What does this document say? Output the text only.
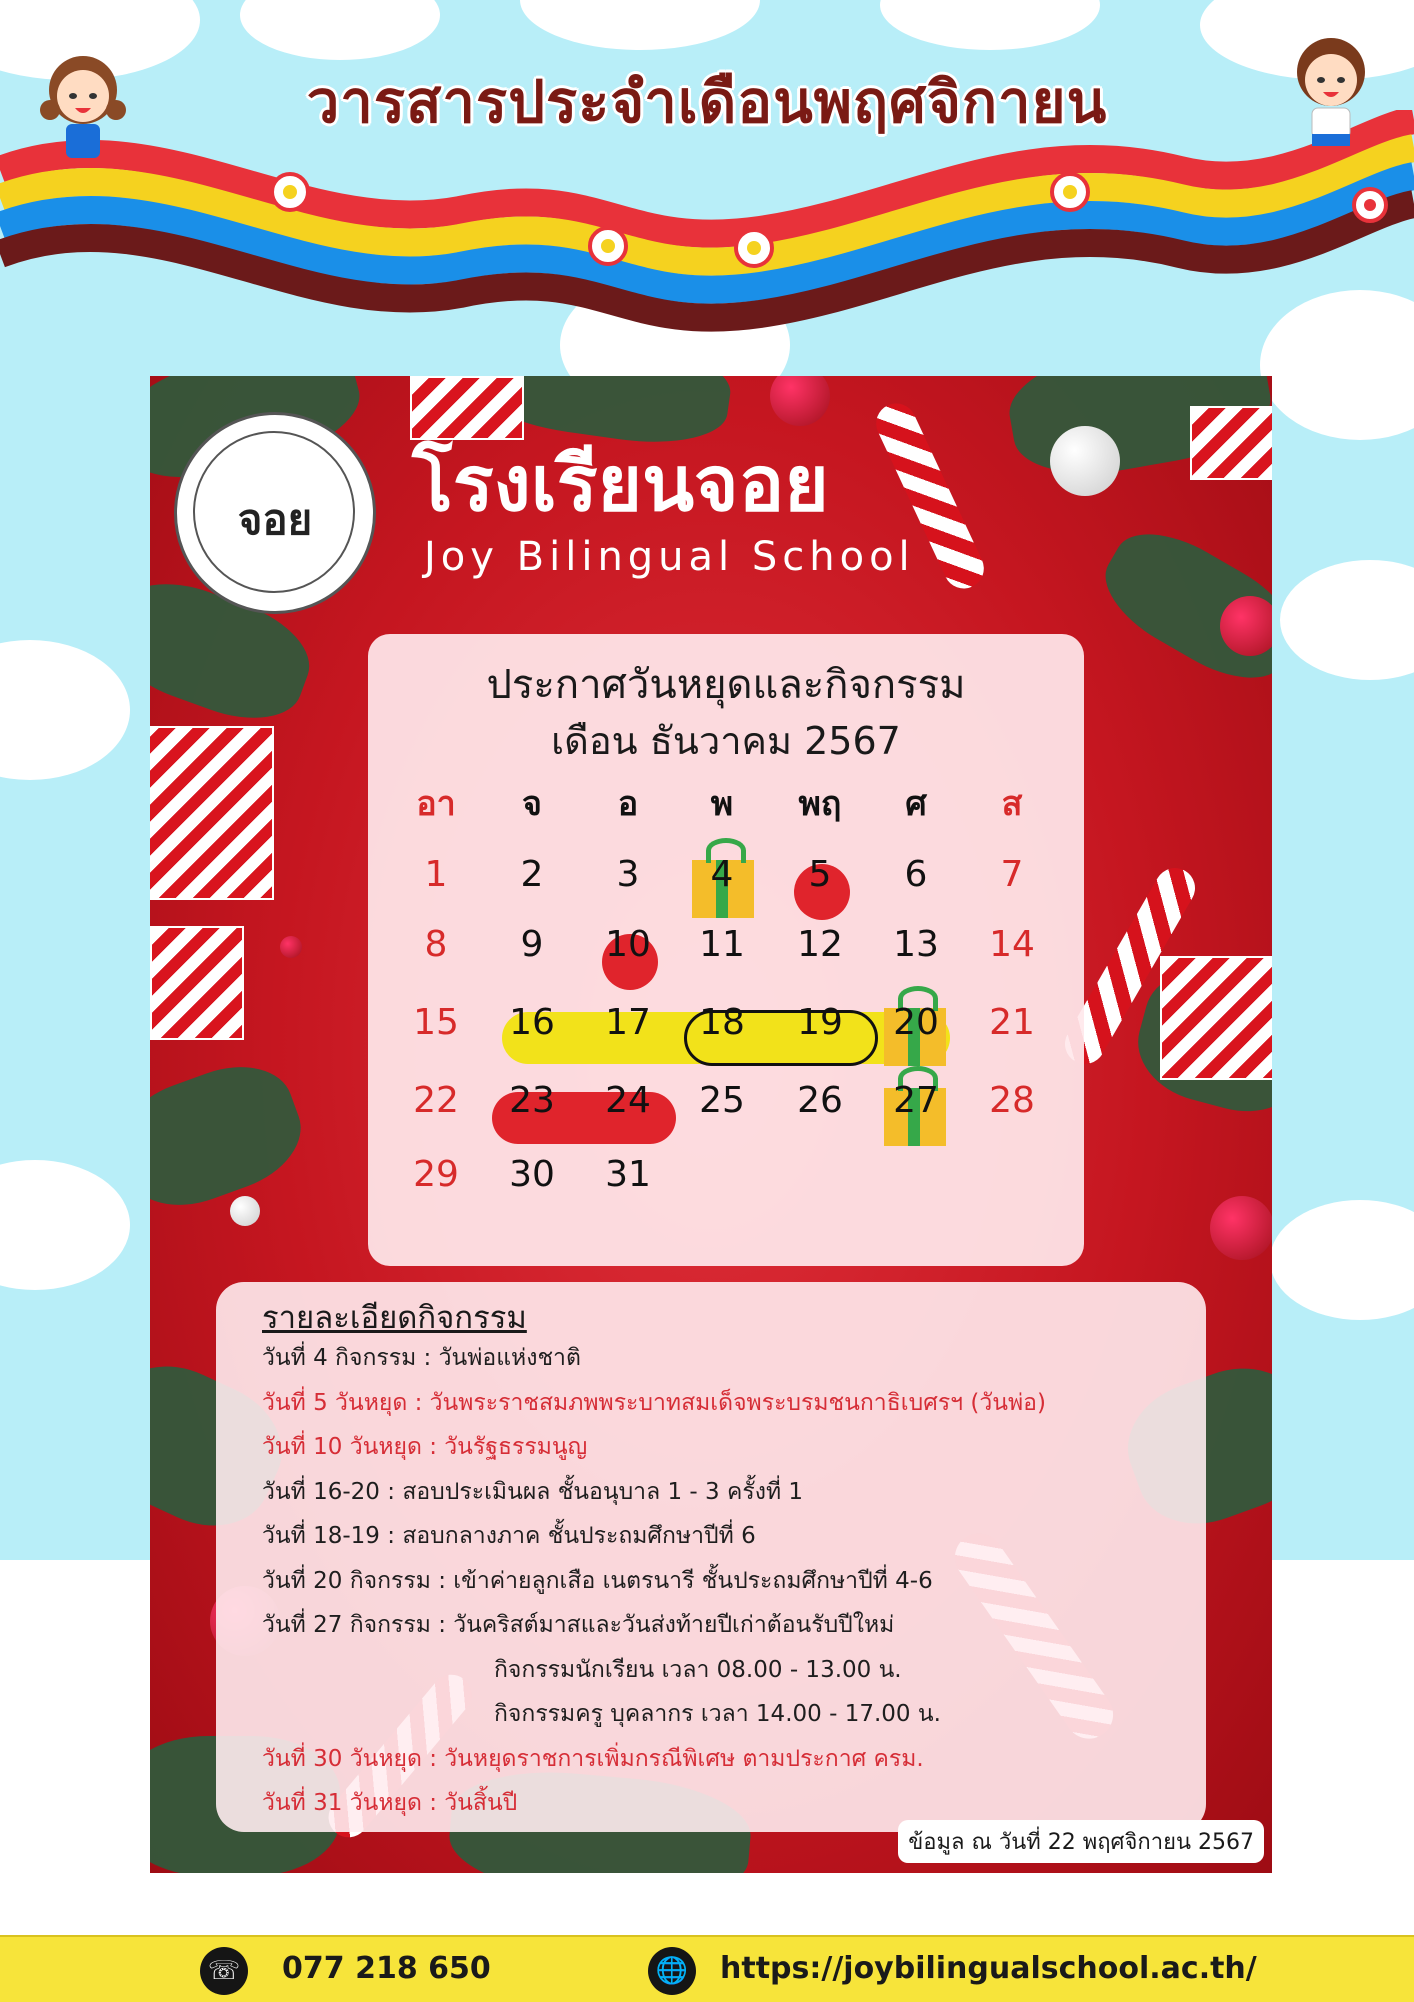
วารสารประจำเดือนพฤศจิกายน
จอย	โรงเรียนจอย
Joy Bilingual School
ประกาศวันหยุดและกิจกรรม
เดือน ธันวาคม 2567
อา	จ	อ	พ	พฤ	ศ	ส
1	2	3	4	5	6	7
8	9	10	11	12	13	14
15	16	17	18	19	20	21
22	23	24	25	26	27	28
29	30	31
รายละเอียดกิจกรรม
วันที่ 4 กิจกรรม : วันพ่อแห่งชาติ
วันที่ 5 วันหยุด : วันพระราชสมภพพระบาทสมเด็จพระบรมชนกาธิเบศรฯ (วันพ่อ)
วันที่ 10 วันหยุด : วันรัฐธรรมนูญ
วันที่ 16-20 : สอบประเมินผล ชั้นอนุบาล 1 - 3 ครั้งที่ 1
วันที่ 18-19 : สอบกลางภาค ชั้นประถมศึกษาปีที่ 6
วันที่ 20 กิจกรรม : เข้าค่ายลูกเสือ เนตรนารี ชั้นประถมศึกษาปีที่ 4-6
วันที่ 27 กิจกรรม : วันคริสต์มาสและวันส่งท้ายปีเก่าต้อนรับปีใหม่
กิจกรรมนักเรียน เวลา 08.00 - 13.00 น.
กิจกรรมครู บุคลากร เวลา 14.00 - 17.00 น.
วันที่ 30 วันหยุด : วันหยุดราชการเพิ่มกรณีพิเศษ ตามประกาศ ครม.
วันที่ 31 วันหยุด : วันสิ้นปี
ข้อมูล ณ วันที่ 22 พฤศจิกายน 2567
☏ 077 218 650	🌐 https://joybilingualschool.ac.th/
